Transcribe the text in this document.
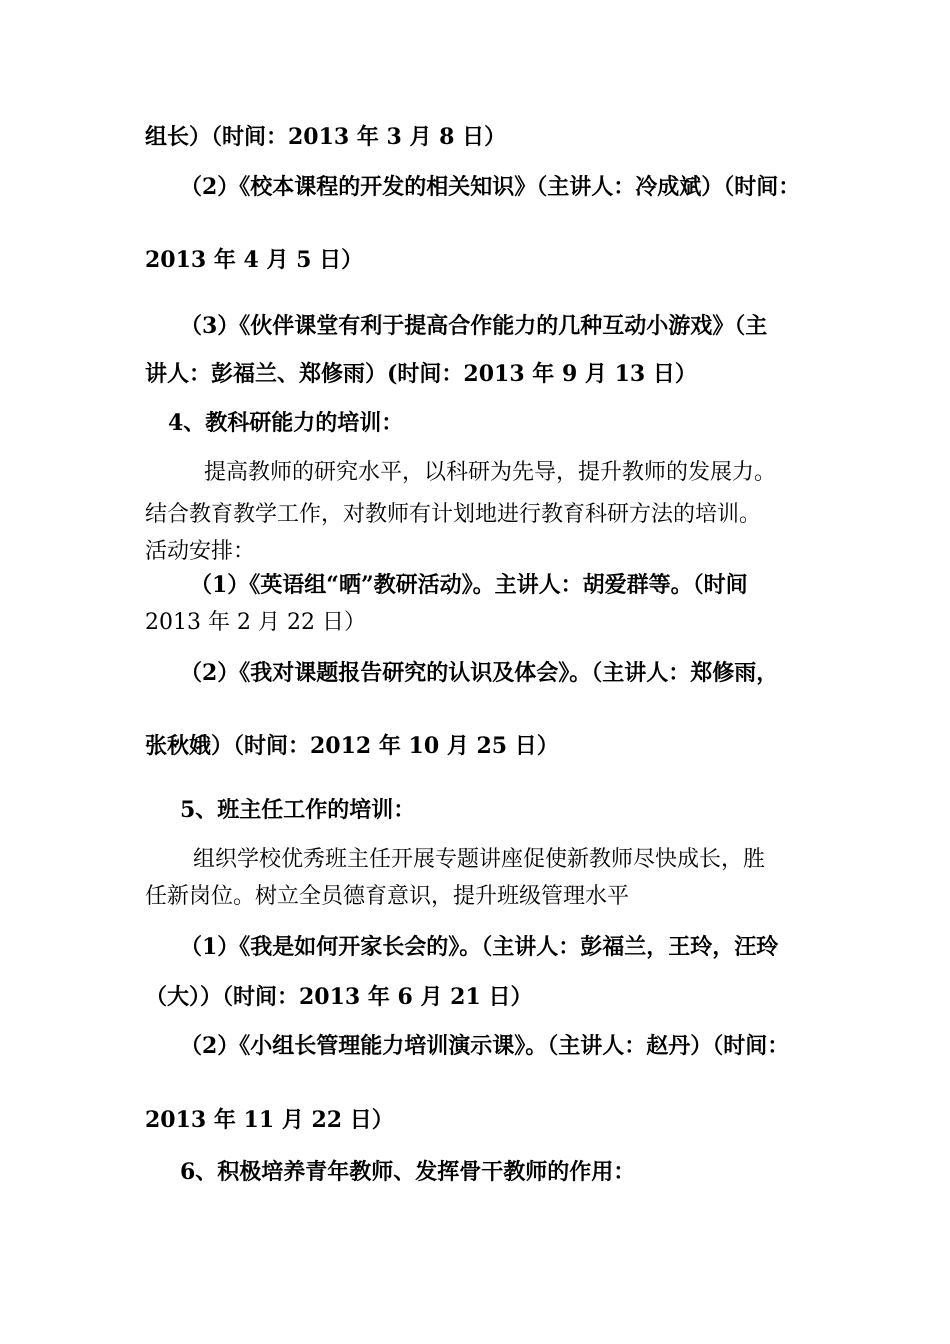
组长）（时间：2013 年 3 月 8 日）
（2）《校本课程的开发的相关知识》（主讲人：冷成斌）（时间：
2013 年 4 月 5 日）
（3）《伙伴课堂有利于提高合作能力的几种互动小游戏》（主
讲人：彭福兰、郑修雨）(时间：2013 年 9 月 13 日）
4、教科研能力的培训：
提高教师的研究水平，以科研为先导，提升教师的发展力。
结合教育教学工作，对教师有计划地进行教育科研方法的培训。
活动安排：
（1）《英语组“晒”教研活动》。主讲人：胡爱群等。（时间
2013 年 2 月 22 日）
（2）《我对课题报告研究的认识及体会》。（主讲人：郑修雨，
张秋娥）（时间：2012 年 10 月 25 日）
5、班主任工作的培训：
组织学校优秀班主任开展专题讲座促使新教师尽快成长，胜
任新岗位。树立全员德育意识，提升班级管理水平
（1）《我是如何开家长会的》。（主讲人：彭福兰，王玲，汪玲
（大））（时间：2013 年 6 月 21 日）
（2）《小组长管理能力培训演示课》。（主讲人：赵丹）（时间：
2013 年 11 月 22 日）
6、积极培养青年教师、发挥骨干教师的作用：
